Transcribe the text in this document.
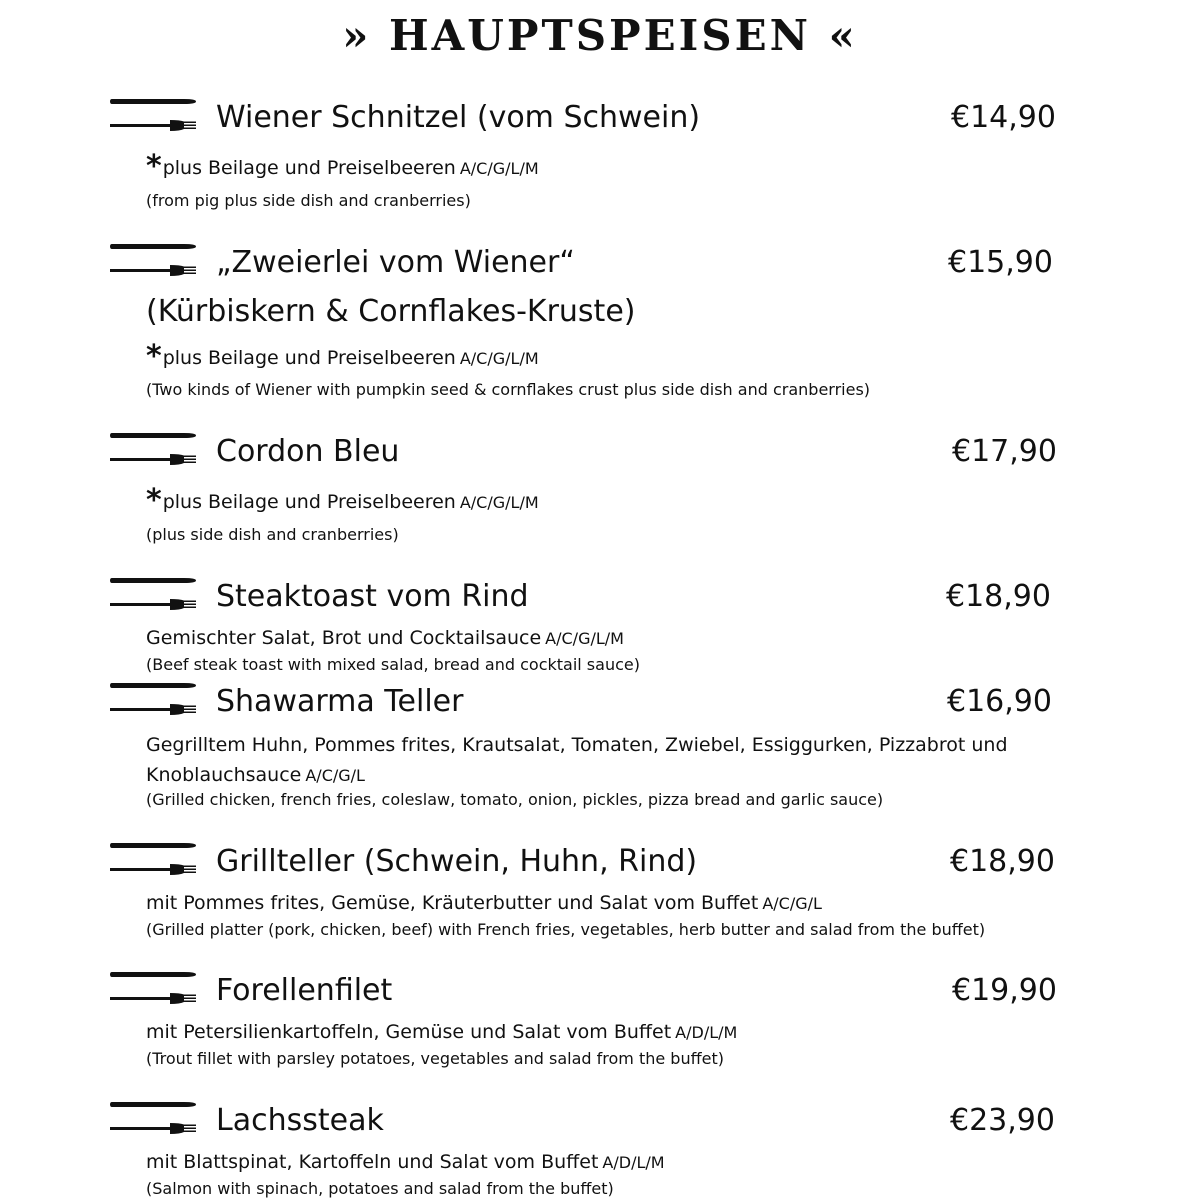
» HAUPTSPEISEN «
Wiener Schnitzel (vom Schwein)	€14,90
*plus Beilage und Preiselbeeren A/C/G/L/M
(from pig plus side dish and cranberries)
„Zweierlei vom Wiener“	€15,90
(Kürbiskern & Cornflakes-Kruste)
*plus Beilage und Preiselbeeren A/C/G/L/M
(Two kinds of Wiener with pumpkin seed & cornflakes crust plus side dish and cranberries)
Cordon Bleu	€17,90
*plus Beilage und Preiselbeeren A/C/G/L/M
(plus side dish and cranberries)
Steaktoast vom Rind	€18,90
Gemischter Salat, Brot und Cocktailsauce A/C/G/L/M
(Beef steak toast with mixed salad, bread and cocktail sauce)
Shawarma Teller	€16,90
Gegrilltem Huhn, Pommes frites, Krautsalat, Tomaten, Zwiebel, Essiggurken, Pizzabrot und Knoblauchsauce A/C/G/L
(Grilled chicken, french fries, coleslaw, tomato, onion, pickles, pizza bread and garlic sauce)
Grillteller (Schwein, Huhn, Rind)	€18,90
mit Pommes frites, Gemüse, Kräuterbutter und Salat vom Buffet A/C/G/L
(Grilled platter (pork, chicken, beef) with French fries, vegetables, herb butter and salad from the buffet)
Forellenfilet	€19,90
mit Petersilienkartoffeln, Gemüse und Salat vom Buffet A/D/L/M
(Trout fillet with parsley potatoes, vegetables and salad from the buffet)
Lachssteak	€23,90
mit Blattspinat, Kartoffeln und Salat vom Buffet A/D/L/M
(Salmon with spinach, potatoes and salad from the buffet)
